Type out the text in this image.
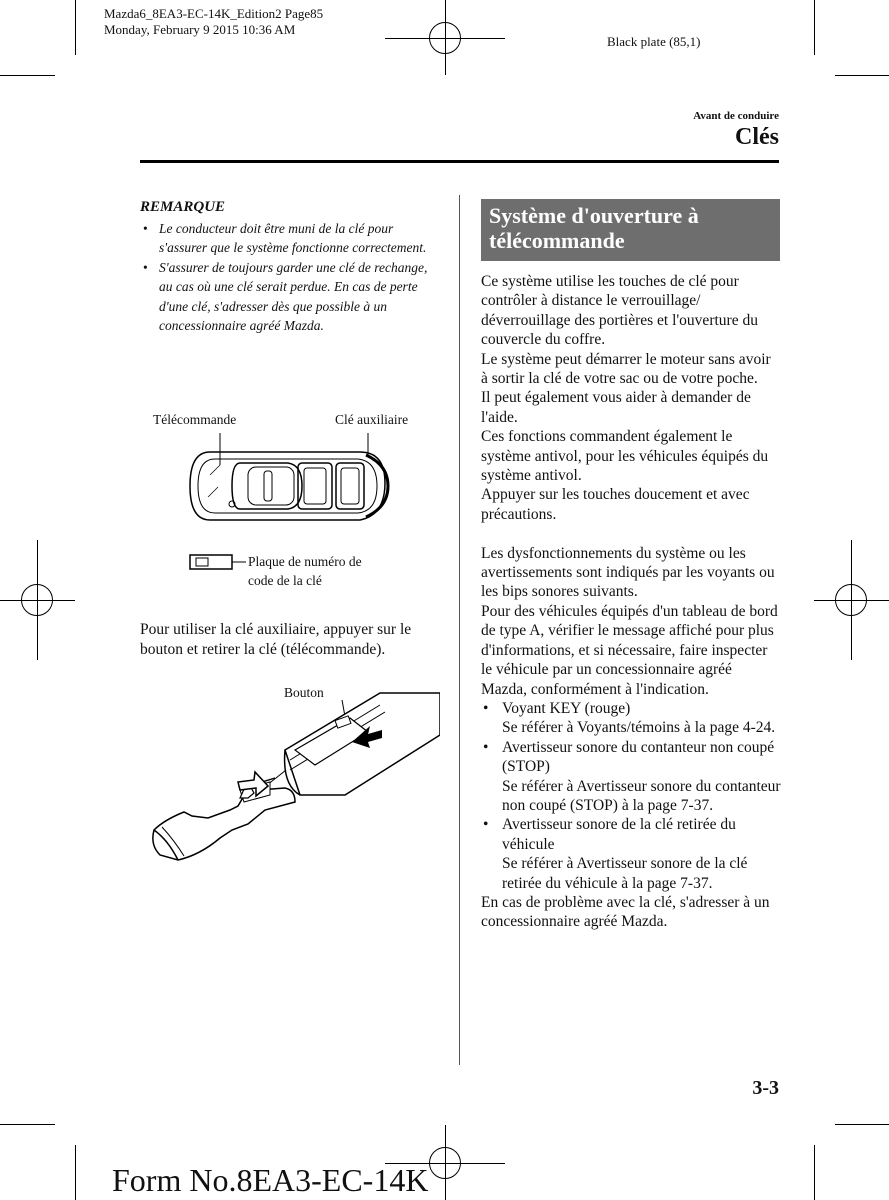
Mazda6_8EA3-EC-14K_Edition2 Page85
Monday, February 9 2015 10:36 AM
Black plate (85,1)
Avant de conduire
Clés
REMARQUE
• Le conducteur doit être muni de la clé pour s'assurer que le système fonctionne correctement.
• S'assurer de toujours garder une clé de rechange, au cas où une clé serait perdue. En cas de perte d'une clé, s'adresser dès que possible à un concessionnaire agréé Mazda.
Télécommande	Clé auxiliaire
Plaque de numéro de
code de la clé
Pour utiliser la clé auxiliaire, appuyer sur le bouton et retirer la clé (télécommande).
Bouton
Système d'ouverture à
télécommande

Ce système utilise les touches de clé pour contrôler à distance le verrouillage/ déverrouillage des portières et l'ouverture du couvercle du coffre.

Le système peut démarrer le moteur sans avoir à sortir la clé de votre sac ou de votre poche.

Il peut également vous aider à demander de l'aide.

Ces fonctions commandent également le système antivol, pour les véhicules équipés du système antivol.

Appuyer sur les touches doucement et avec précautions.

Les dysfonctionnements du système ou les avertissements sont indiqués par les voyants ou les bips sonores suivants.

Pour des véhicules équipés d'un tableau de bord de type A, vérifier le message affiché pour plus d'informations, et si nécessaire, faire inspecter le véhicule par un concessionnaire agréé Mazda, conformément à l'indication.

• Voyant KEY (rouge)
Se référer à Voyants/témoins à la page 4-24.
• Avertisseur sonore du contanteur non coupé (STOP)
Se référer à Avertisseur sonore du contanteur non coupé (STOP) à la page 7-37.
• Avertisseur sonore de la clé retirée du véhicule
Se référer à Avertisseur sonore de la clé retirée du véhicule à la page 7-37.

En cas de problème avec la clé, s'adresser à un concessionnaire agréé Mazda.

3-3
Form No.8EA3-EC-14K
